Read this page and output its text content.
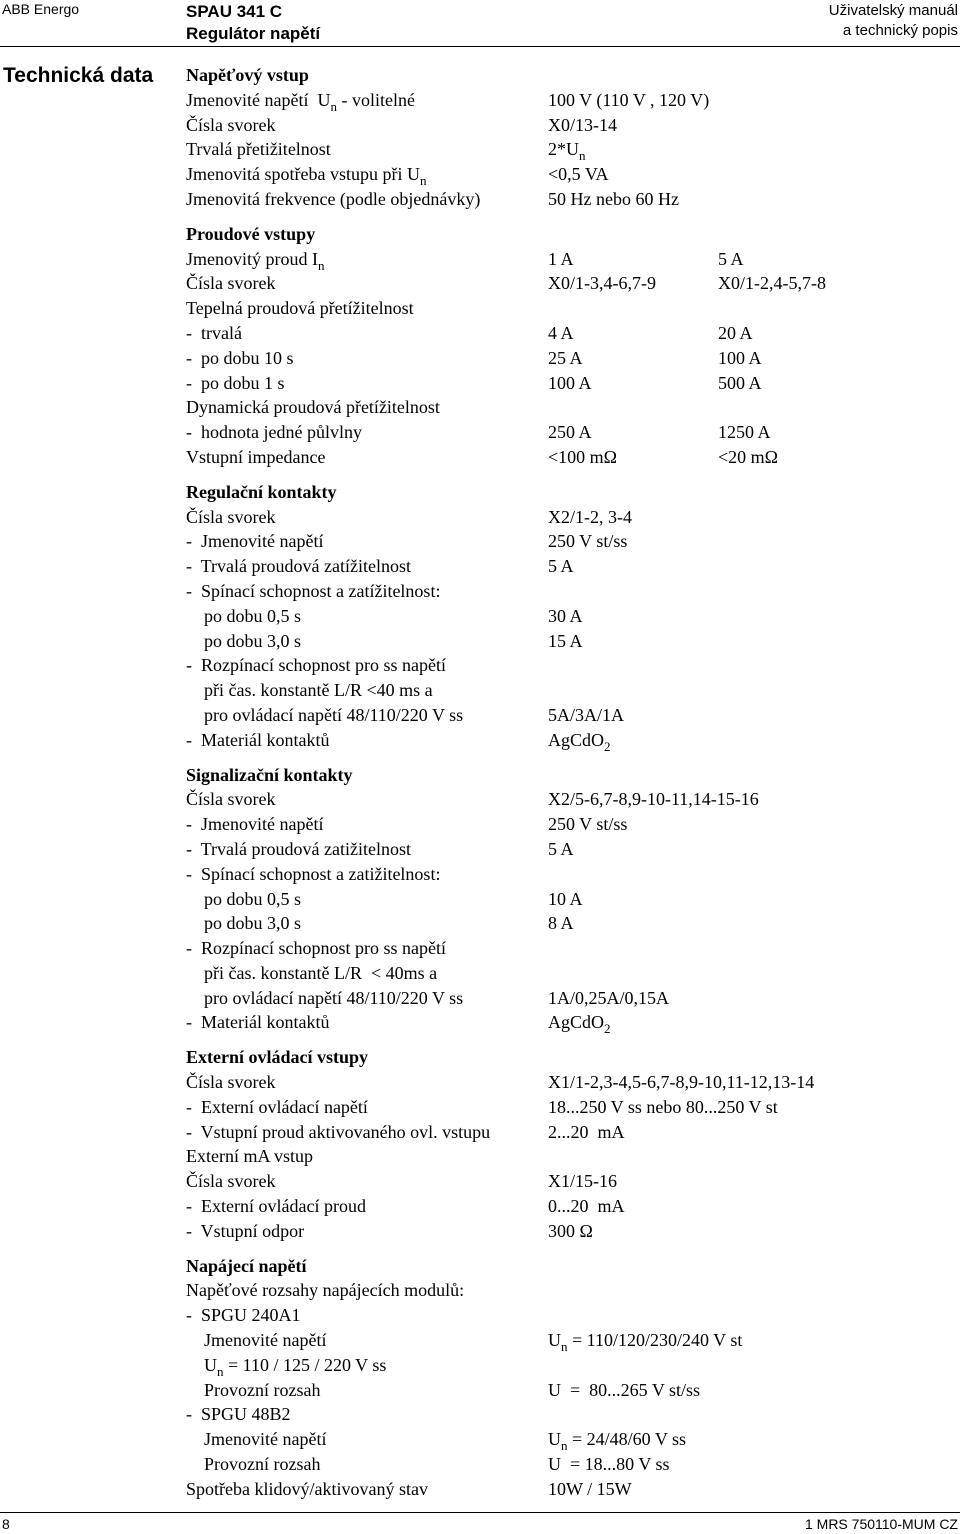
ABB Energo	SPAU 341 C
Regulátor napětí
Uživatelský manuál
a technický popis
Technická data	Napěťový vstup
Jmenovité napětí  $U_n$ - volitelné	100 V (110 V , 120 V)
Čísla svorek	X0/13-14
Trvalá přetižitelnost	$2*U_n$
Jmenovitá spotřeba vstupu při $U_n$	<0,5 VA
Jmenovitá frekvence (podle objednávky)	50 Hz nebo 60 Hz
Proudové vstupy
Jmenovitý proud $I_n$	1 A	5 A
Čísla svorek	X0/1-3,4-6,7-9	X0/1-2,4-5,7-8
Tepelná proudová přetížitelnost
-  trvalá	4 A	20 A
-  po dobu 10 s	25 A	100 A
-  po dobu 1 s	100 A	500 A
Dynamická proudová přetížitelnost
-  hodnota jedné půlvlny	250 A	1250 A
Vstupní impedance	<100 mΩ	<20 mΩ
Regulační kontakty
Čísla svorek	X2/1-2, 3-4
-  Jmenovité napětí	250 V st/ss
-  Trvalá proudová zatížitelnost	5 A
-  Spínací schopnost a zatížitelnost:
po dobu 0,5 s	30 A
po dobu 3,0 s	15 A
-  Rozpínací schopnost pro ss napětí
při čas. konstantě L/R <40 ms a
pro ovládací napětí 48/110/220 V ss	5A/3A/1A
-  Materiál kontaktů	AgCdO$_2$
Signalizační kontakty
Čísla svorek	X2/5-6,7-8,9-10-11,14-15-16
-  Jmenovité napětí	250 V st/ss
-  Trvalá proudová zatižitelnost	5 A
-  Spínací schopnost a zatižitelnost:
po dobu 0,5 s	10 A
po dobu 3,0 s	8 A
-  Rozpínací schopnost pro ss napětí
při čas. konstantě L/R  < 40ms a
pro ovládací napětí 48/110/220 V ss	1A/0,25A/0,15A
-  Materiál kontaktů	AgCdO$_2$
Externí ovládací vstupy
Čísla svorek	X1/1-2,3-4,5-6,7-8,9-10,11-12,13-14
-  Externí ovládací napětí	18...250 V ss nebo 80...250 V st
-  Vstupní proud aktivovaného ovl. vstupu	2...20  mA
Externí mA vstup
Čísla svorek	X1/15-16
-  Externí ovládací proud	0...20  mA
-  Vstupní odpor	300 Ω
Napájecí napětí
Napěťové rozsahy napájecích modulů:
-  SPGU 240A1
Jmenovité napětí	$U_n = 110/120/230/240$ V st
$U_n = 110 / 125 / 220$ V ss
Provozní rozsah	U  =  80...265 V st/ss
-  SPGU 48B2
Jmenovité napětí	$U_n = 24/48/60$ V ss
Provozní rozsah	U  = 18...80 V ss
Spotřeba klidový/aktivovaný stav	10W / 15W
8	1 MRS 750110-MUM CZ
